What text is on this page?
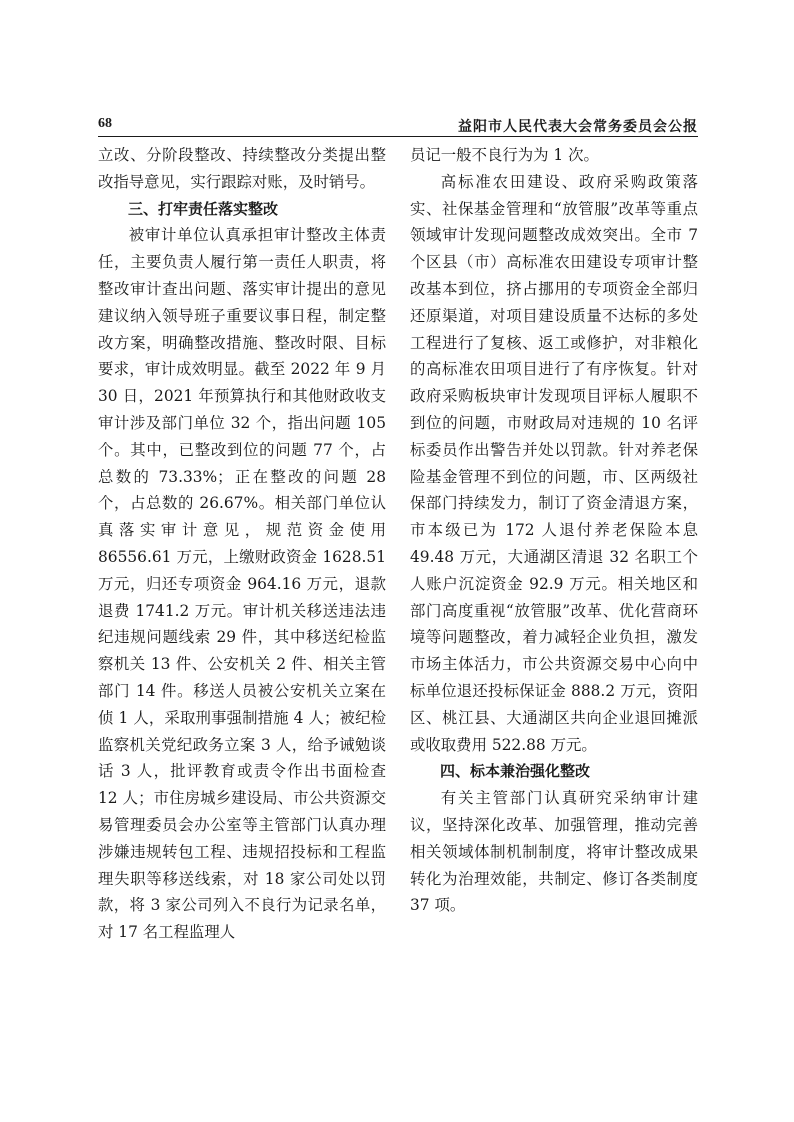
68	益阳市人民代表大会常务委员会公报

立改、分阶段整改、持续整改分类提出整改指导意见，实行跟踪对账，及时销号。

三、打牢责任落实整改

被审计单位认真承担审计整改主体责任，主要负责人履行第一责任人职责，将整改审计查出问题、落实审计提出的意见建议纳入领导班子重要议事日程，制定整改方案，明确整改措施、整改时限、目标要求，审计成效明显。截至 2022 年 9 月 30 日，2021 年预算执行和其他财政收支审计涉及部门单位 32 个，指出问题 105 个。其中，已整改到位的问题 77 个，占总数的 73.33%；正在整改的问题 28 个，占总数的 26.67%。相关部门单位认真落实审计意见，规范资金使用 86556.61 万元，上缴财政资金 1628.51 万元，归还专项资金 964.16 万元，退款退费 1741.2 万元。审计机关移送违法违纪违规问题线索 29 件，其中移送纪检监察机关 13 件、公安机关 2 件、相关主管部门 14 件。移送人员被公安机关立案在侦 1 人，采取刑事强制措施 4 人；被纪检监察机关党纪政务立案 3 人，给予诫勉谈话 3 人，批评教育或责令作出书面检查 12 人；市住房城乡建设局、市公共资源交易管理委员会办公室等主管部门认真办理涉嫌违规转包工程、违规招投标和工程监理失职等移送线索，对 18 家公司处以罚款，将 3 家公司列入不良行为记录名单，对 17 名工程监理人

员记一般不良行为为 1 次。

高标准农田建设、政府采购政策落实、社保基金管理和“放管服”改革等重点领域审计发现问题整改成效突出。全市 7 个区县（市）高标准农田建设专项审计整改基本到位，挤占挪用的专项资金全部归还原渠道，对项目建设质量不达标的多处工程进行了复核、返工或修护，对非粮化的高标准农田项目进行了有序恢复。针对政府采购板块审计发现项目评标人履职不到位的问题，市财政局对违规的 10 名评标委员作出警告并处以罚款。针对养老保险基金管理不到位的问题，市、区两级社保部门持续发力，制订了资金清退方案，市本级已为 172 人退付养老保险本息 49.48 万元，大通湖区清退 32 名职工个人账户沉淀资金 92.9 万元。相关地区和部门高度重视“放管服”改革、优化营商环境等问题整改，着力减轻企业负担，激发市场主体活力，市公共资源交易中心向中标单位退还投标保证金 888.2 万元，资阳区、桃江县、大通湖区共向企业退回摊派或收取费用 522.88 万元。

四、标本兼治强化整改

有关主管部门认真研究采纳审计建议，坚持深化改革、加强管理，推动完善相关领域体制机制制度，将审计整改成果转化为治理效能，共制定、修订各类制度 37 项。
